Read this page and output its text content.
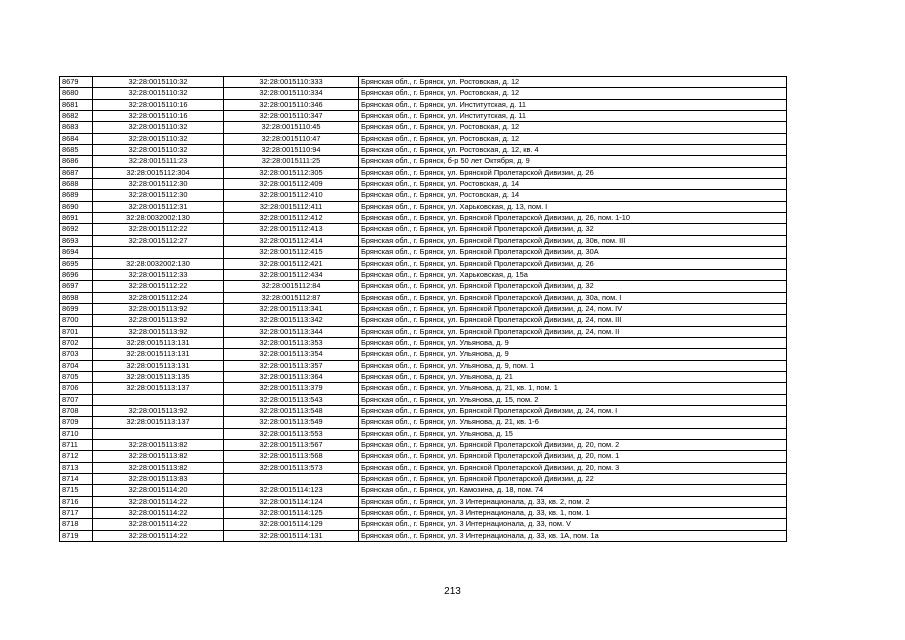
8679	32:28:0015110:32	32:28:0015110:333	Брянская обл., г. Брянск, ул. Ростовская, д. 12
8680	32:28:0015110:32	32:28:0015110:334	Брянская обл., г. Брянск, ул. Ростовская, д. 12
8681	32:28:0015110:16	32:28:0015110:346	Брянская обл., г. Брянск, ул. Институтская, д. 11
8682	32:28:0015110:16	32:28:0015110:347	Брянская обл., г. Брянск, ул. Институтская, д. 11
8683	32:28:0015110:32	32:28:0015110:45	Брянская обл., г. Брянск, ул. Ростовская, д. 12
8684	32:28:0015110:32	32:28:0015110:47	Брянская обл., г. Брянск, ул. Ростовская, д. 12
8685	32:28:0015110:32	32:28:0015110:94	Брянская обл., г. Брянск, ул. Ростовская, д. 12, кв. 4
8686	32:28:0015111:23	32:28:0015111:25	Брянская обл., г. Брянск, б-р 50 лет Октября, д. 9
8687	32:28:0015112:304	32:28:0015112:305	Брянская обл., г. Брянск, ул. Брянской Пролетарской Дивизии, д. 26
8688	32:28:0015112:30	32:28:0015112:409	Брянская обл., г. Брянск, ул. Ростовская, д. 14
8689	32:28:0015112:30	32:28:0015112:410	Брянская обл., г. Брянск, ул. Ростовская, д. 14
8690	32:28:0015112:31	32:28:0015112:411	Брянская обл., г. Брянск, ул. Харьковская, д. 13, пом. I
8691	32:28:0032002:130	32:28:0015112:412	Брянская обл., г. Брянск, ул. Брянской Пролетарской Дивизии, д. 26, пом. 1-10
8692	32:28:0015112:22	32:28:0015112:413	Брянская обл., г. Брянск, ул. Брянской Пролетарской Дивизии, д. 32
8693	32:28:0015112:27	32:28:0015112:414	Брянская обл., г. Брянск, ул. Брянской Пролетарской Дивизии, д. 30в, пом. III
8694		32:28:0015112:415	Брянская обл., г. Брянск, ул. Брянской Пролетарской Дивизии, д. 30А
8695	32:28:0032002:130	32:28:0015112:421	Брянская обл., г. Брянск, ул. Брянской Пролетарской Дивизии, д. 26
8696	32:28:0015112:33	32:28:0015112:434	Брянская обл., г. Брянск, ул. Харьковская, д. 15а
8697	32:28:0015112:22	32:28:0015112:84	Брянская обл., г. Брянск, ул. Брянской Пролетарской Дивизии, д. 32
8698	32:28:0015112:24	32:28:0015112:87	Брянская обл., г. Брянск, ул. Брянской Пролетарской Дивизии, д. 30а, пом. I
8699	32:28:0015113:92	32:28:0015113:341	Брянская обл., г. Брянск, ул. Брянской Пролетарской Дивизии, д. 24, пом. IV
8700	32:28:0015113:92	32:28:0015113:342	Брянская обл., г. Брянск, ул. Брянской Пролетарской Дивизии, д. 24, пом. III
8701	32:28:0015113:92	32:28:0015113:344	Брянская обл., г. Брянск, ул. Брянской Пролетарской Дивизии, д. 24, пом. II
8702	32:28:0015113:131	32:28:0015113:353	Брянская обл., г. Брянск, ул. Ульянова, д. 9
8703	32:28:0015113:131	32:28:0015113:354	Брянская обл., г. Брянск, ул. Ульянова, д. 9
8704	32:28:0015113:131	32:28:0015113:357	Брянская обл., г. Брянск, ул. Ульянова, д. 9, пом. 1
8705	32:28:0015113:135	32:28:0015113:364	Брянская обл., г. Брянск, ул. Ульянова, д. 21
8706	32:28:0015113:137	32:28:0015113:379	Брянская обл., г. Брянск, ул. Ульянова, д. 21, кв. 1, пом. 1
8707		32:28:0015113:543	Брянская обл., г. Брянск, ул. Ульянова, д. 15, пом. 2
8708	32:28:0015113:92	32:28:0015113:548	Брянская обл., г. Брянск, ул. Брянской Пролетарской Дивизии, д. 24, пом. I
8709	32:28:0015113:137	32:28:0015113:549	Брянская обл., г. Брянск, ул. Ульянова, д. 21, кв. 1-6
8710		32:28:0015113:553	Брянская обл., г. Брянск, ул. Ульянова, д. 15
8711	32:28:0015113:82	32:28:0015113:567	Брянская обл., г. Брянск, ул. Брянской Пролетарской Дивизии, д. 20, пом. 2
8712	32:28:0015113:82	32:28:0015113:568	Брянская обл., г. Брянск, ул. Брянской Пролетарской Дивизии, д. 20, пом. 1
8713	32:28:0015113:82	32:28:0015113:573	Брянская обл., г. Брянск, ул. Брянской Пролетарской Дивизии, д. 20, пом. 3
8714	32:28:0015113:83		Брянская обл., г. Брянск, ул. Брянской Пролетарской Дивизии, д. 22
8715	32:28:0015114:20	32:28:0015114:123	Брянская обл., г. Брянск, ул. Камозина, д. 18, пом. 74
8716	32:28:0015114:22	32:28:0015114:124	Брянская обл., г. Брянск, ул. 3 Интернационала, д. 33, кв. 2, пом. 2
8717	32:28:0015114:22	32:28:0015114:125	Брянская обл., г. Брянск, ул. 3 Интернационала, д. 33, кв. 1, пом. 1
8718	32:28:0015114:22	32:28:0015114:129	Брянская обл., г. Брянск, ул. 3 Интернационала, д. 33, пом. V
8719	32:28:0015114:22	32:28:0015114:131	Брянская обл., г. Брянск, ул. 3 Интернационала, д. 33, кв. 1А, пом. 1а
213
